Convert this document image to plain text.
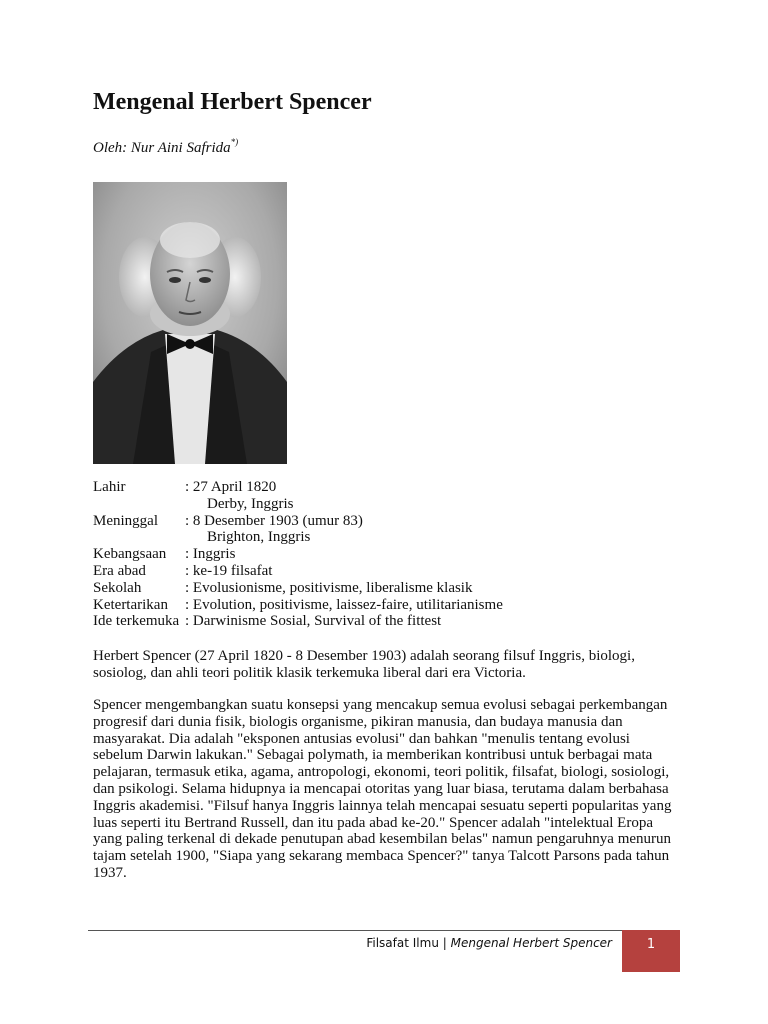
Mengenal Herbert Spencer
Oleh: Nur Aini Safrida*)
Lahir	: 27 April 1820
Derby, Inggris
Meninggal	: 8 Desember 1903 (umur 83)
Brighton, Inggris
Kebangsaan	: Inggris
Era abad	: ke-19 filsafat
Sekolah	: Evolusionisme, positivisme, liberalisme klasik
Ketertarikan	: Evolution, positivisme, laissez-faire, utilitarianisme
Ide terkemuka : Darwinisme Sosial, Survival of the fittest

Herbert Spencer (27 April 1820 - 8 Desember 1903) adalah seorang filsuf Inggris, biologi, sosiolog, dan ahli teori politik klasik terkemuka liberal dari era Victoria.

Spencer mengembangkan suatu konsepsi yang mencakup semua evolusi sebagai perkembangan progresif dari dunia fisik, biologis organisme, pikiran manusia, dan budaya manusia dan masyarakat. Dia adalah "eksponen antusias evolusi" dan bahkan "menulis tentang evolusi sebelum Darwin lakukan." Sebagai polymath, ia memberikan kontribusi untuk berbagai mata pelajaran, termasuk etika, agama, antropologi, ekonomi, teori politik, filsafat, biologi, sosiologi, dan psikologi. Selama hidupnya ia mencapai otoritas yang luar biasa, terutama dalam berbahasa Inggris akademisi. "Filsuf hanya Inggris lainnya telah mencapai sesuatu seperti popularitas yang luas seperti itu Bertrand Russell, dan itu pada abad ke-20." Spencer adalah "intelektual Eropa yang paling terkenal di dekade penutupan abad kesembilan belas" namun pengaruhnya menurun tajam setelah 1900, "Siapa yang sekarang membaca Spencer?" tanya Talcott Parsons pada tahun 1937.

Filsafat Ilmu | Mengenal Herbert Spencer	1
